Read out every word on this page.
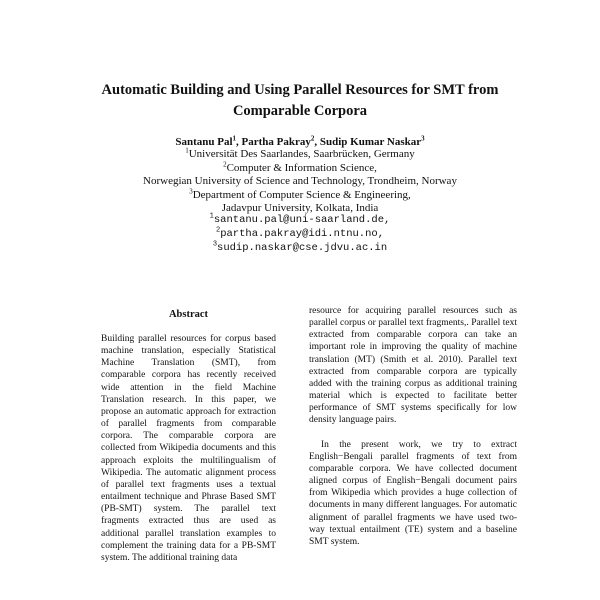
Automatic Building and Using Parallel Resources for SMT from
Comparable Corpora
Santanu Pal$^1$, Partha Pakray$^2$, Sudip Kumar Naskar$^3$
$^1$Universität Des Saarlandes, Saarbrücken, Germany
$^2$Computer & Information Science,
Norwegian University of Science and Technology, Trondheim, Norway
$^3$Department of Computer Science & Engineering,
Jadavpur University, Kolkata, India
$^1$santanu.pal@uni-saarland.de,
$^2$partha.pakray@idi.ntnu.no,
$^3$sudip.naskar@cse.jdvu.ac.in
Abstract

Building parallel resources for corpus based machine translation, especially Statistical Machine Translation (SMT), from comparable corpora has recently received wide attention in the field Machine Translation research. In this paper, we propose an automatic approach for extraction of parallel fragments from comparable corpora. The comparable corpora are collected from Wikipedia documents and this approach exploits the multilingualism of Wikipedia. The automatic alignment process of parallel text fragments uses a textual entailment technique and Phrase Based SMT (PB-SMT) system. The parallel text fragments extracted thus are used as additional parallel translation examples to complement the training data for a PB-SMT system. The additional training data

resource for acquiring parallel resources such as parallel corpus or parallel text fragments,. Parallel text extracted from comparable corpora can take an important role in improving the quality of machine translation (MT) (Smith et al. 2010). Parallel text extracted from comparable corpora are typically added with the training corpus as additional training material which is expected to facilitate better performance of SMT systems specifically for low density language pairs.

In the present work, we try to extract English−Bengali parallel fragments of text from comparable corpora. We have collected document aligned corpus of English−Bengali document pairs from Wikipedia which provides a huge collection of documents in many different languages. For automatic alignment of parallel fragments we have used two-way textual entailment (TE) system and a baseline SMT system.
